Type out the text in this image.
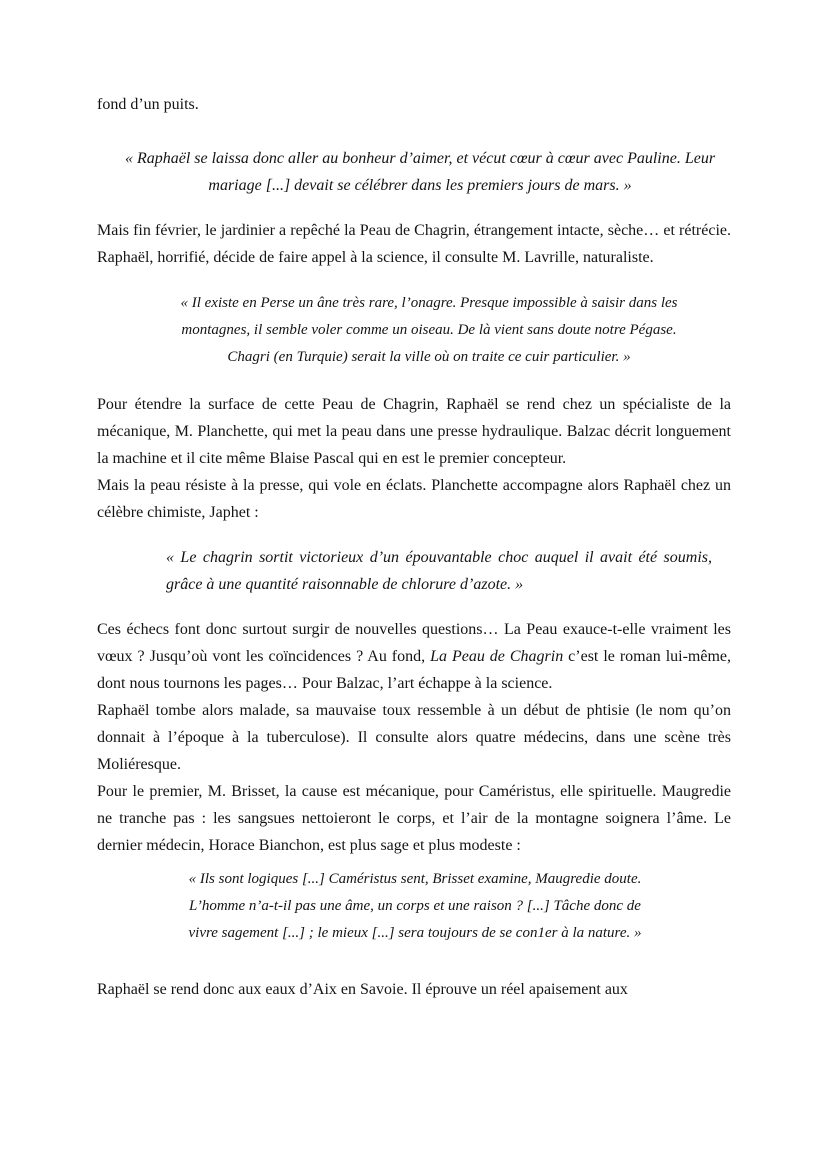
fond d’un puits.

« Raphaël se laissa donc aller au bonheur d’aimer, et vécut cœur à cœur avec Pauline. Leur mariage [...] devait se célébrer dans les premiers jours de mars. »

Mais fin février, le jardinier a repêché la Peau de Chagrin, étrangement intacte, sèche… et rétrécie. Raphaël, horrifié, décide de faire appel à la science, il consulte M. Lavrille, naturaliste.

« Il existe en Perse un âne très rare, l’onagre. Presque impossible à saisir dans les montagnes, il semble voler comme un oiseau. De là vient sans doute notre Pégase. Chagri (en Turquie) serait la ville où on traite ce cuir particulier. »

Pour étendre la surface de cette Peau de Chagrin, Raphaël se rend chez un spécialiste de la mécanique, M. Planchette, qui met la peau dans une presse hydraulique. Balzac décrit longuement la machine et il cite même Blaise Pascal qui en est le premier concepteur.

Mais la peau résiste à la presse, qui vole en éclats. Planchette accompagne alors Raphaël chez un célèbre chimiste, Japhet :

« Le chagrin sortit victorieux d’un épouvantable choc auquel il avait été soumis, grâce à une quantité raisonnable de chlorure d’azote. »

Ces échecs font donc surtout surgir de nouvelles questions… La Peau exauce-t-elle vraiment les vœux ? Jusqu’où vont les coïncidences ? Au fond, La Peau de Chagrin c’est le roman lui-même, dont nous tournons les pages… Pour Balzac, l’art échappe à la science.

Raphaël tombe alors malade, sa mauvaise toux ressemble à un début de phtisie (le nom qu’on donnait à l’époque à la tuberculose). Il consulte alors quatre médecins, dans une scène très Moliéresque.

Pour le premier, M. Brisset, la cause est mécanique, pour Caméristus, elle spirituelle. Maugredie ne tranche pas : les sangsues nettoieront le corps, et l’air de la montagne soignera l’âme. Le dernier médecin, Horace Bianchon, est plus sage et plus modeste :

« Ils sont logiques [...] Caméristus sent, Brisset examine, Maugredie doute. L’homme n’a-t-il pas une âme, un corps et une raison ? [...] Tâche donc de vivre sagement [...] ; le mieux [...] sera toujours de se con1er à la nature. »

Raphaël se rend donc aux eaux d’Aix en Savoie. Il éprouve un réel apaisement aux
